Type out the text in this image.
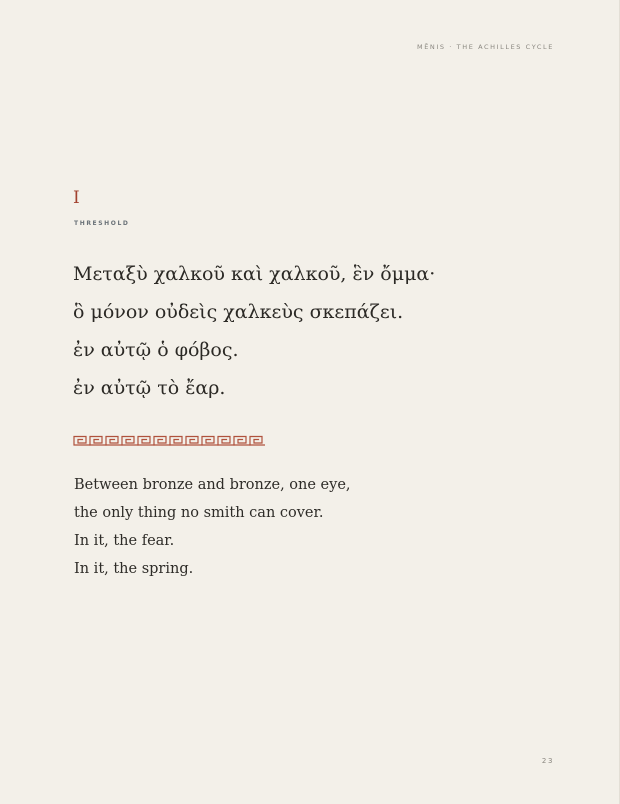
MĒNIS · THE ACHILLES CYCLE
I
THRESHOLD
Μεταξὺ χαλκοῦ καὶ χαλκοῦ, ἓν ὄμμα·
ὃ μόνον οὐδεὶς χαλκεὺς σκεπάζει.
ἐν αὐτῷ ὁ φόβος.
ἐν αὐτῷ τὸ ἔαρ.
Between bronze and bronze, one eye,
the only thing no smith can cover.
In it, the fear.
In it, the spring.
23
